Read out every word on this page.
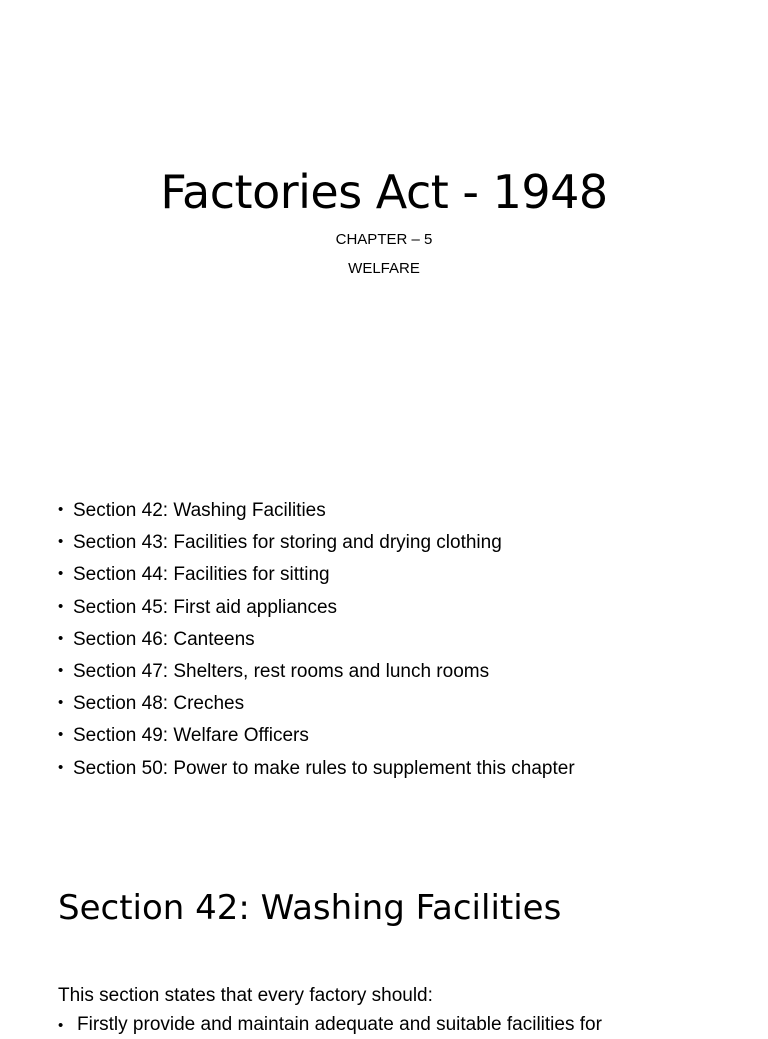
Factories Act - 1948
CHAPTER – 5
WELFARE
• Section 42: Washing Facilities
• Section 43: Facilities for storing and drying clothing
• Section 44: Facilities for sitting
• Section 45: First aid appliances
• Section 46: Canteens
• Section 47: Shelters, rest rooms and lunch rooms
• Section 48: Creches
• Section 49: Welfare Officers
• Section 50: Power to make rules to supplement this chapter
Section 42: Washing Facilities
This section states that every factory should:
• Firstly provide and maintain adequate and suitable facilities for
